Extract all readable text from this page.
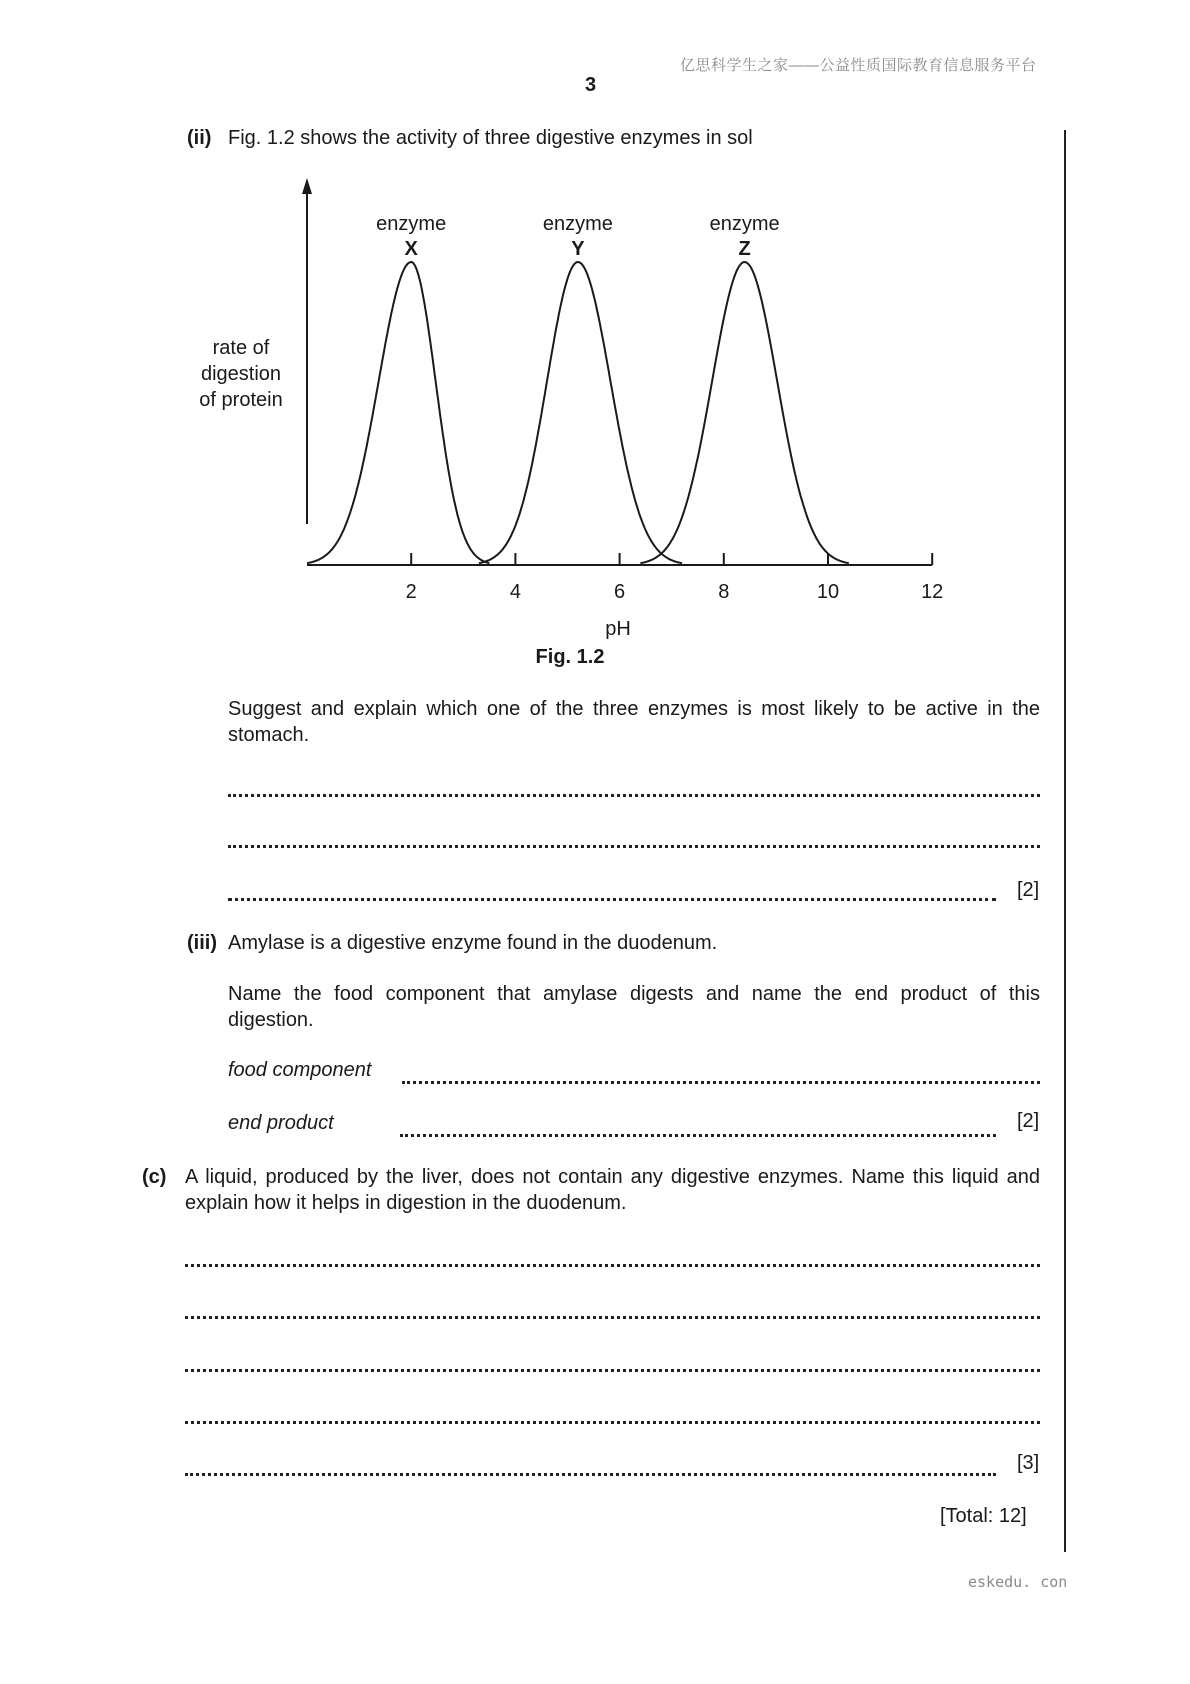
亿思科学生之家——公益性质国际教育信息服务平台
3
(ii) Fig. 1.2 shows the activity of three digestive enzymes in sol
2	4	6	8	10	12
enzyme
X
enzyme
Y
enzyme
Z
rate of
digestion
of protein
pH
Fig. 1.2
Suggest and explain which one of the three enzymes is most likely to be active in the stomach.
[2]
(iii) Amylase is a digestive enzyme found in the duodenum.
Name the food component that amylase digests and name the end product of this digestion.
food component
end product	[2]
(c) A liquid, produced by the liver, does not contain any digestive enzymes. Name this liquid and explain how it helps in digestion in the duodenum.
[3]
[Total: 12]
eskedu. con
